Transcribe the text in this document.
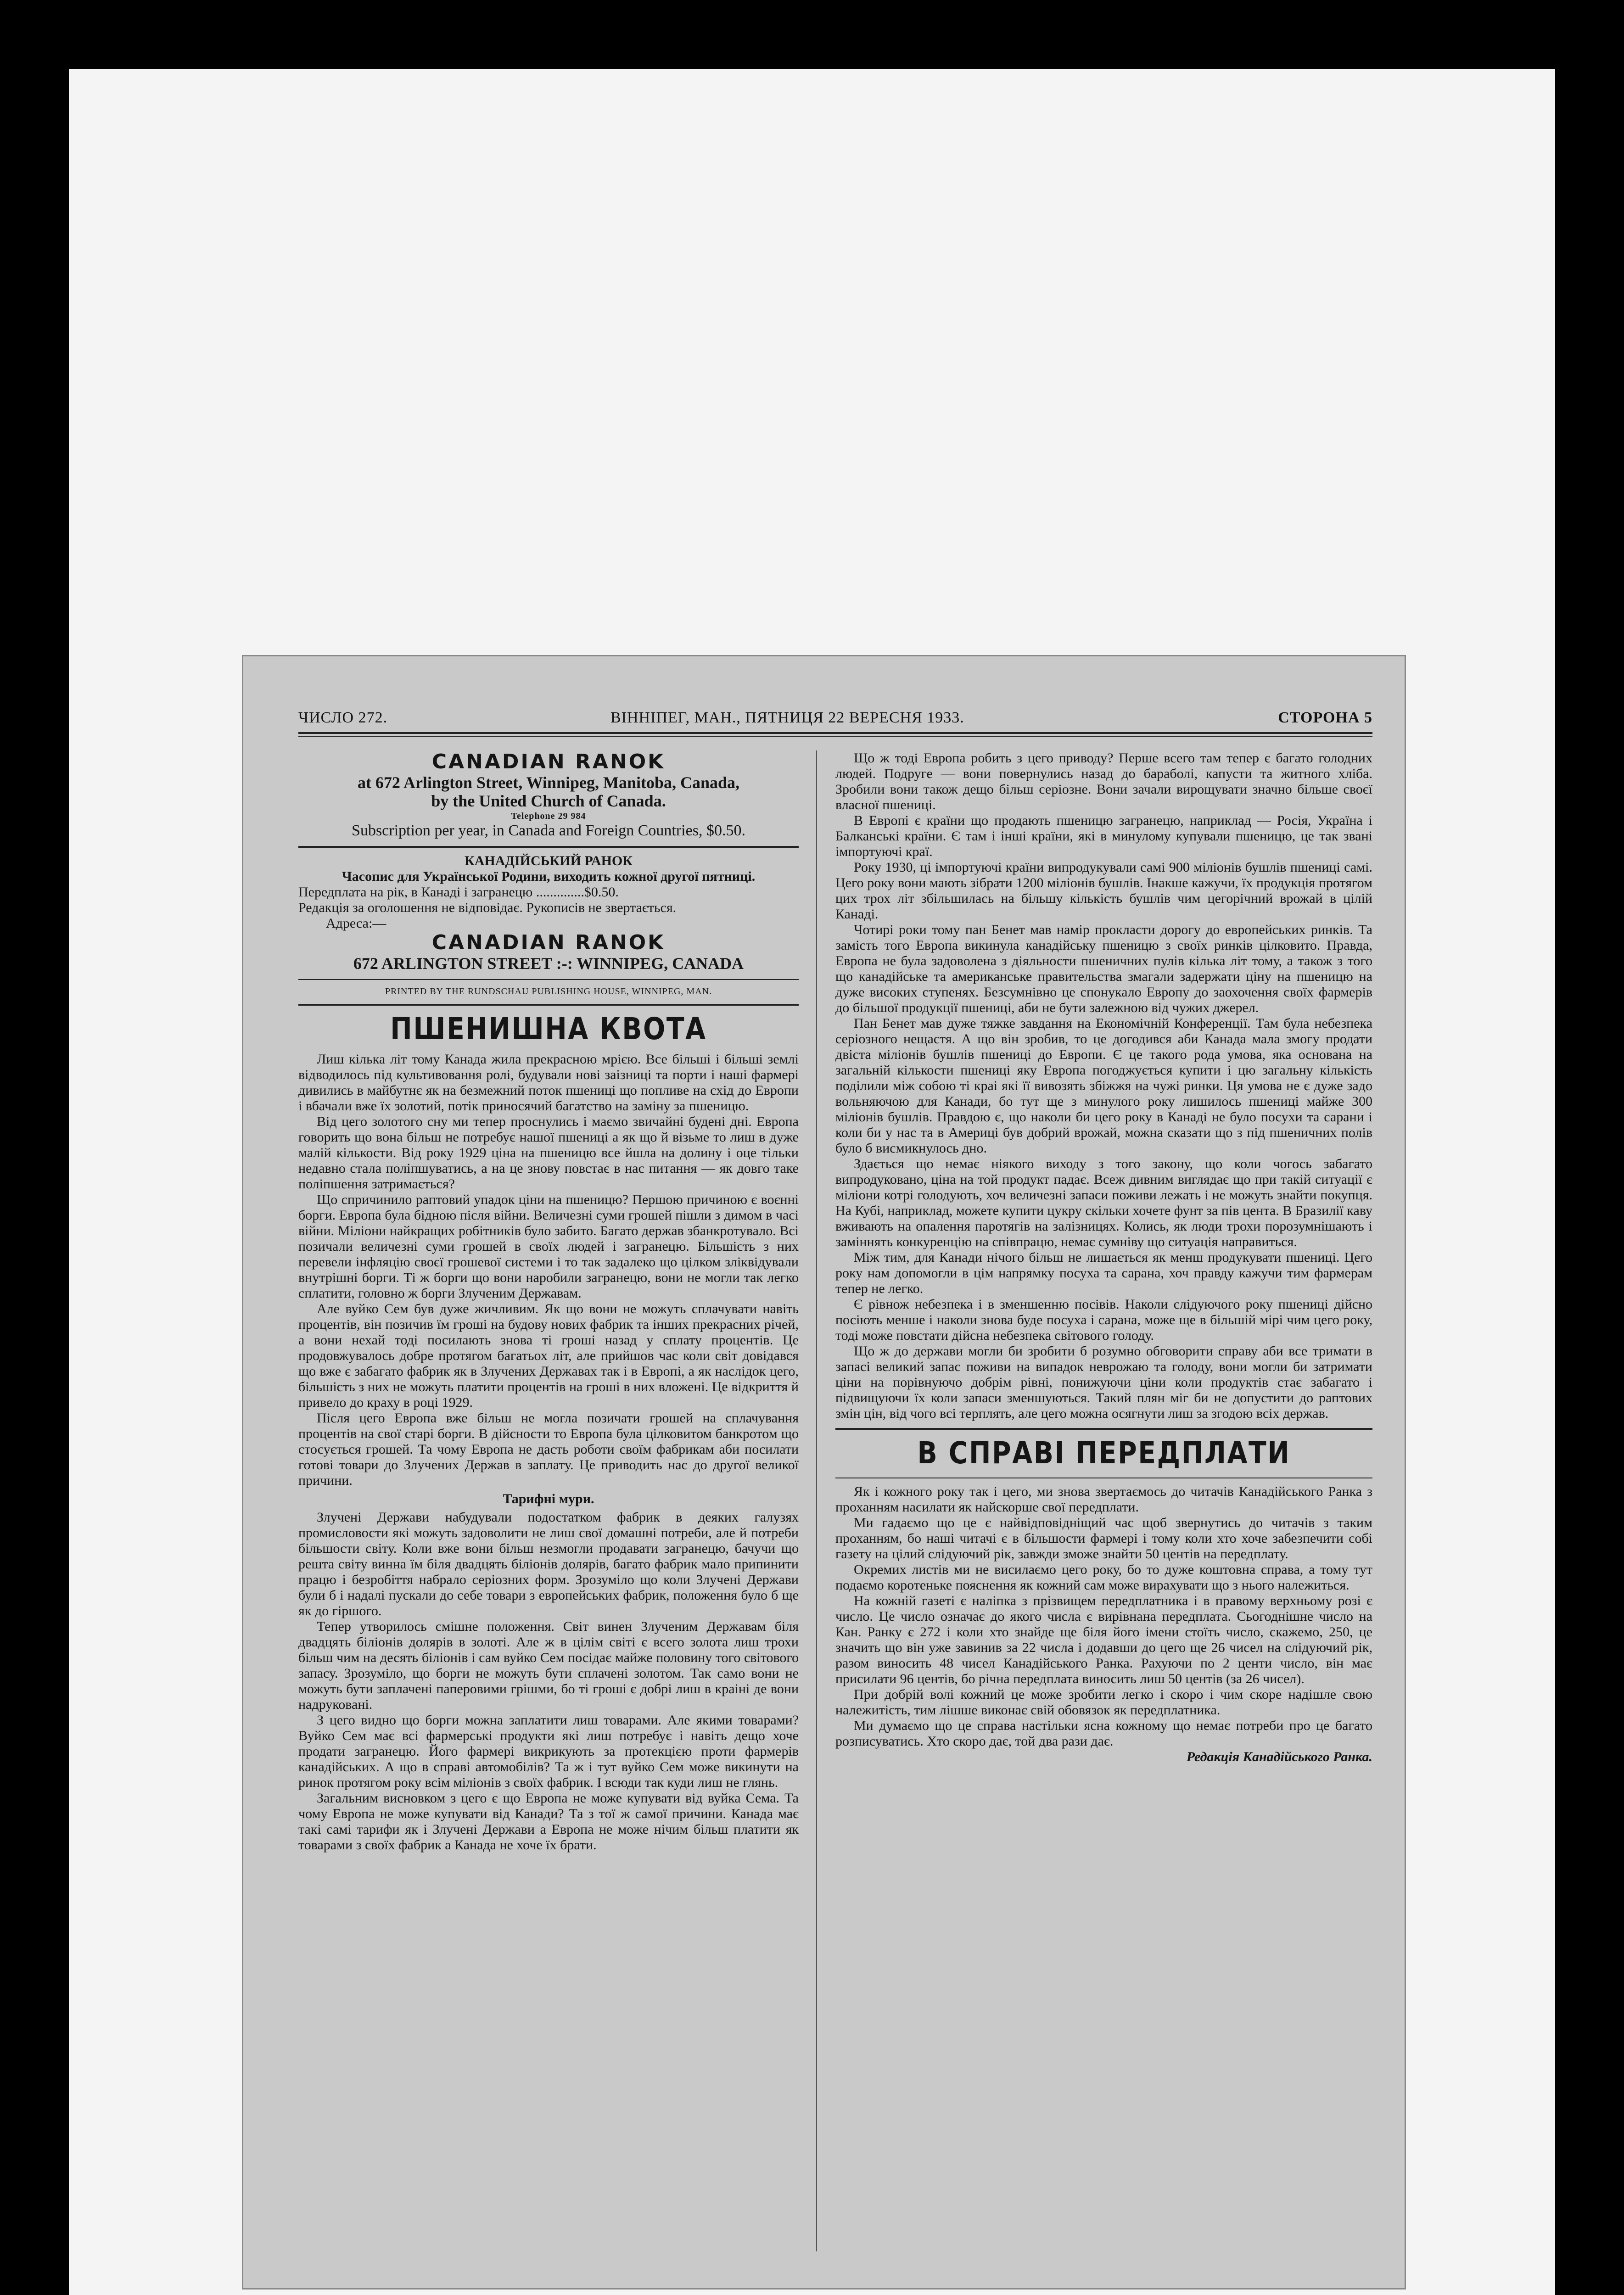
ЧИСЛО 272.	ВІННІПЕГ, МАН., ПЯТНИЦЯ 22 ВЕРЕСНЯ 1933.	СТОРОНА 5
CANADIAN RANOK
at 672 Arlington Street, Winnipeg, Manitoba, Canada,
by the United Church of Canada.
Telephone 29 984
Subscription per year, in Canada and Foreign Countries, $0.50.
КАНАДІЙСЬКИЙ РАНОК
Часопис для Української Родини, виходить кожної другої пятниці.
Передплата на рік, в Канаді і загранецю ..............$0.50.
Редакція за оголошення не відповідає. Рукописів не звертається.
Адреса:—
CANADIAN RANOK
672 ARLINGTON STREET :-: WINNIPEG, CANADA
PRINTED BY THE RUNDSCHAU PUBLISHING HOUSE, WINNIPEG, MAN.
ПШЕНИШНА КВОТА

Лиш кілька літ тому Канада жила прекрасною мрією. Все більші і більші землі відводилось під культивовання ролі, будували нові заізниці та порти і наші фармері дивились в майбутнє як на безмежний поток пшениці що попливе на схід до Европи і вбачали вже їх золотий, потік приносячий багатство на заміну за пшеницю.

Від цего золотого сну ми тепер проснулись і маємо звичайні будені дні. Европа говорить що вона більш не потребує нашої пшениці а як що й візьме то лиш в дуже малій кількости. Від року 1929 ціна на пшеницю все йшла на долину і оце тільки недавно стала поліпшуватись, а на це знову повстає в нас питання — як довго таке поліпшення затримається?

Що спричинило раптовий упадок ціни на пшеницю? Першою причиною є воєнні борги. Европа була бідною після війни. Величезні суми грошей пішли з димом в часі війни. Міліони найкращих робітників було забито. Багато держав збанкротувало. Всі позичали величезні суми грошей в своїх людей і загранецю. Більшість з них перевели інфляцію своєї грошевої системи і то так задалеко що цілком зліквідували внутрішні борги. Ті ж борги що вони наробили загранецю, вони не могли так легко сплатити, головно ж борги Злученим Державам.

Але вуйко Сем був дуже жичливим. Як що вони не можуть сплачувати навіть процентів, він позичив їм гроші на будову нових фабрик та інших прекрасних річей, а вони нехай тоді посилають знова ті гроші назад у сплату процентів. Це продовжувалось добре протягом багатьох літ, але прийшов час коли світ довідався що вже є забагато фабрик як в Злучених Державах так і в Европі, а як наслідок цего, більшість з них не можуть платити процентів на гроші в них вложені. Це відкриття й привело до краху в році 1929.

Після цего Европа вже більш не могла позичати грошей на сплачування процентів на свої старі борги. В дійсности то Европа була цілковитом банкротом що стосується грошей. Та чому Европа не дасть роботи своїм фабрикам аби посилати готові товари до Злучених Держав в заплату. Це приводить нас до другої великої причини.

Тарифні мури.

Злучені Держави набудували подостатком фабрик в деяких галузях промисловости які можуть задоволити не лиш свої домашні потреби, але й потреби більшости світу. Коли вже вони більш незмогли продавати загранецю, бачучи що решта світу винна їм біля двадцять біліонів долярів, багато фабрик мало припинити працю і безробіття набрало серіозних форм. Зрозуміло що коли Злучені Держави були б і надалі пускали до себе товари з европейських фабрик, положення було б ще як до гіршого.

Тепер утворилось смішне положення. Світ винен Злученим Державам біля двадцять біліонів долярів в золоті. Але ж в цілім світі є всего золота лиш трохи більш чим на десять біліонів і сам вуйко Сем посідає майже половину того світового запасу. Зрозуміло, що борги не можуть бути сплачені золотом. Так само вони не можуть бути заплачені паперовими грішми, бо ті гроші є добрі лиш в краіні де вони надруковані.

З цего видно що борги можна заплатити лиш товарами. Але якими товарами? Вуйко Сем має всі фармерські продукти які лиш потребує і навіть дещо хоче продати загранецю. Його фармері викрикують за протекцією проти фармерів канадійських. А що в справі автомобілів? Та ж і тут вуйко Сем може викинути на ринок протягом року всім міліонів з своїх фабрик. І всюди так куди лиш не глянь.

Загальним висновком з цего є що Европа не може купувати від вуйка Сема. Та чому Европа не може купувати від Канади? Та з тої ж самої причини. Канада має такі самі тарифи як і Злучені Держави а Европа не може нічим більш платити як товарами з своїх фабрик а Канада не хоче їх брати.

Що ж тоді Европа робить з цего приводу? Перше всего там тепер є багато голодних людей. Подруге — вони повернулись назад до бараболі, капусти та житного хліба. Зробили вони також дещо більш серіозне. Вони зачали вирощувати значно більше своєї власної пшениці.

В Европі є країни що продають пшеницю загранецю, наприклад — Росія, Україна і Балканські країни. Є там і інші країни, які в минулому купували пшеницю, це так звані імпортуючі краї.

Року 1930, ці імпортуючі країни випродукували самі 900 міліонів бушлів пшениці самі. Цего року вони мають зібрати 1200 міліонів бушлів. Інакше кажучи, їх продукція протягом цих трох літ збільшилась на більшу кількість бушлів чим цегорічний врожай в цілій Канаді.

Чотирі роки тому пан Бенет мав намір прокласти дорогу до европейських ринків. Та замість того Европа викинула канадійську пшеницю з своїх ринків цілковито. Правда, Европа не була задоволена з діяльности пшеничних пулів кілька літ тому, а також з того що канадійське та американське правительства змагали задержати ціну на пшеницю на дуже високих ступенях. Безсумнівно це спонукало Европу до заохочення своїх фармерів до більшої продукції пшениці, аби не бути залежною від чужих джерел.

Пан Бенет мав дуже тяжке завдання на Економічній Конференції. Там була небезпека серіозного нещастя. А що він зробив, то це догодився аби Канада мала змогу продати двіста міліонів бушлів пшениці до Европи. Є це такого рода умова, яка основана на загальній кількости пшениці яку Европа погоджується купити і цю загальну кількість поділили між собою ті краі які її вивозять збіжжя на чужі ринки. Ця умова не є дуже задо вольняючою для Канади, бо тут ще з минулого року лишилось пшениці майже 300 міліонів бушлів. Правдою є, що наколи би цего року в Канаді не було посухи та сарани і коли би у нас та в Америці був добрий врожай, можна сказати що з під пшеничних полів було б висмикнулось дно.

Здається що немає ніякого виходу з того закону, що коли чогось забагато випродуковано, ціна на той продукт падає. Всеж дивним виглядає що при такій ситуації є міліони котрі голодують, хоч величезні запаси поживи лежать і не можуть знайти покупця. На Кубі, наприклад, можете купити цукру скільки хочете фунт за пів цента. В Бразилії каву вживають на опалення паротягів на залізницях. Колись, як люди трохи порозумнішають і заміннять конкуренцію на співпрацю, немає сумніву що ситуація направиться.

Між тим, для Канади нічого більш не лишається як менш продукувати пшениці. Цего року нам допомогли в цім напрямку посуха та сарана, хоч правду кажучи тим фармерам тепер не легко.

Є рівнож небезпека і в зменшенню посівів. Наколи слідуючого року пшениці дійсно посіють менше і наколи знова буде посуха і сарана, може ще в більшій мірі чим цего року, тоді може повстати дійсна небезпека світового голоду.

Що ж до держави могли би зробити б розумно обговорити справу аби все тримати в запасі великий запас поживи на випадок неврожаю та голоду, вони могли би затримати ціни на порівнуючо добрім рівні, понижуючи ціни коли продуктів стає забагато і підвищуючи їх коли запаси зменшуються. Такий плян міг би не допустити до раптових змін цін, від чого всі терплять, але цего можна осягнути лиш за згодою всіх держав.

В СПРАВІ ПЕРЕДПЛАТИ

Як і кожного року так і цего, ми знова звертаємось до читачів Канадійського Ранка з проханням насилати як найскорше свої передплати.

Ми гадаємо що це є найвідповідніщий час щоб звернутись до читачів з таким проханням, бо наші читачі є в більшости фармері і тому коли хто хоче забезпечити собі газету на цілий слідуючий рік, завжди зможе знайти 50 центів на передплату.

Окремих листів ми не висилаємо цего року, бо то дуже коштовна справа, а тому тут подаємо коротеньке пояснення як кожний сам може вирахувати що з нього належиться.

На кожній газеті є наліпка з прізвищем передплатника і в правому верхньому розі є число. Це число означає до якого числа є вирівнана передплата. Сьогоднішне число на Кан. Ранку є 272 і коли хто знайде ще біля його імени стоїть число, скажемо, 250, це значить що він уже завинив за 22 числа і додавши до цего ще 26 чисел на слідуючий рік, разом виносить 48 чисел Канадійського Ранка. Рахуючи по 2 центи число, він має присилати 96 центів, бо річна передплата виносить лиш 50 центів (за 26 чисел).

При добрій волі кожний це може зробити легко і скоро і чим скоре надішле свою належитість, тим лішше виконає свій обовязок як передплатника.

Ми думаємо що це справа настільки ясна кожному що немає потреби про це багато розписуватись. Хто скоро дає, той два рази дає.

Редакція Канадійського Ранка.
